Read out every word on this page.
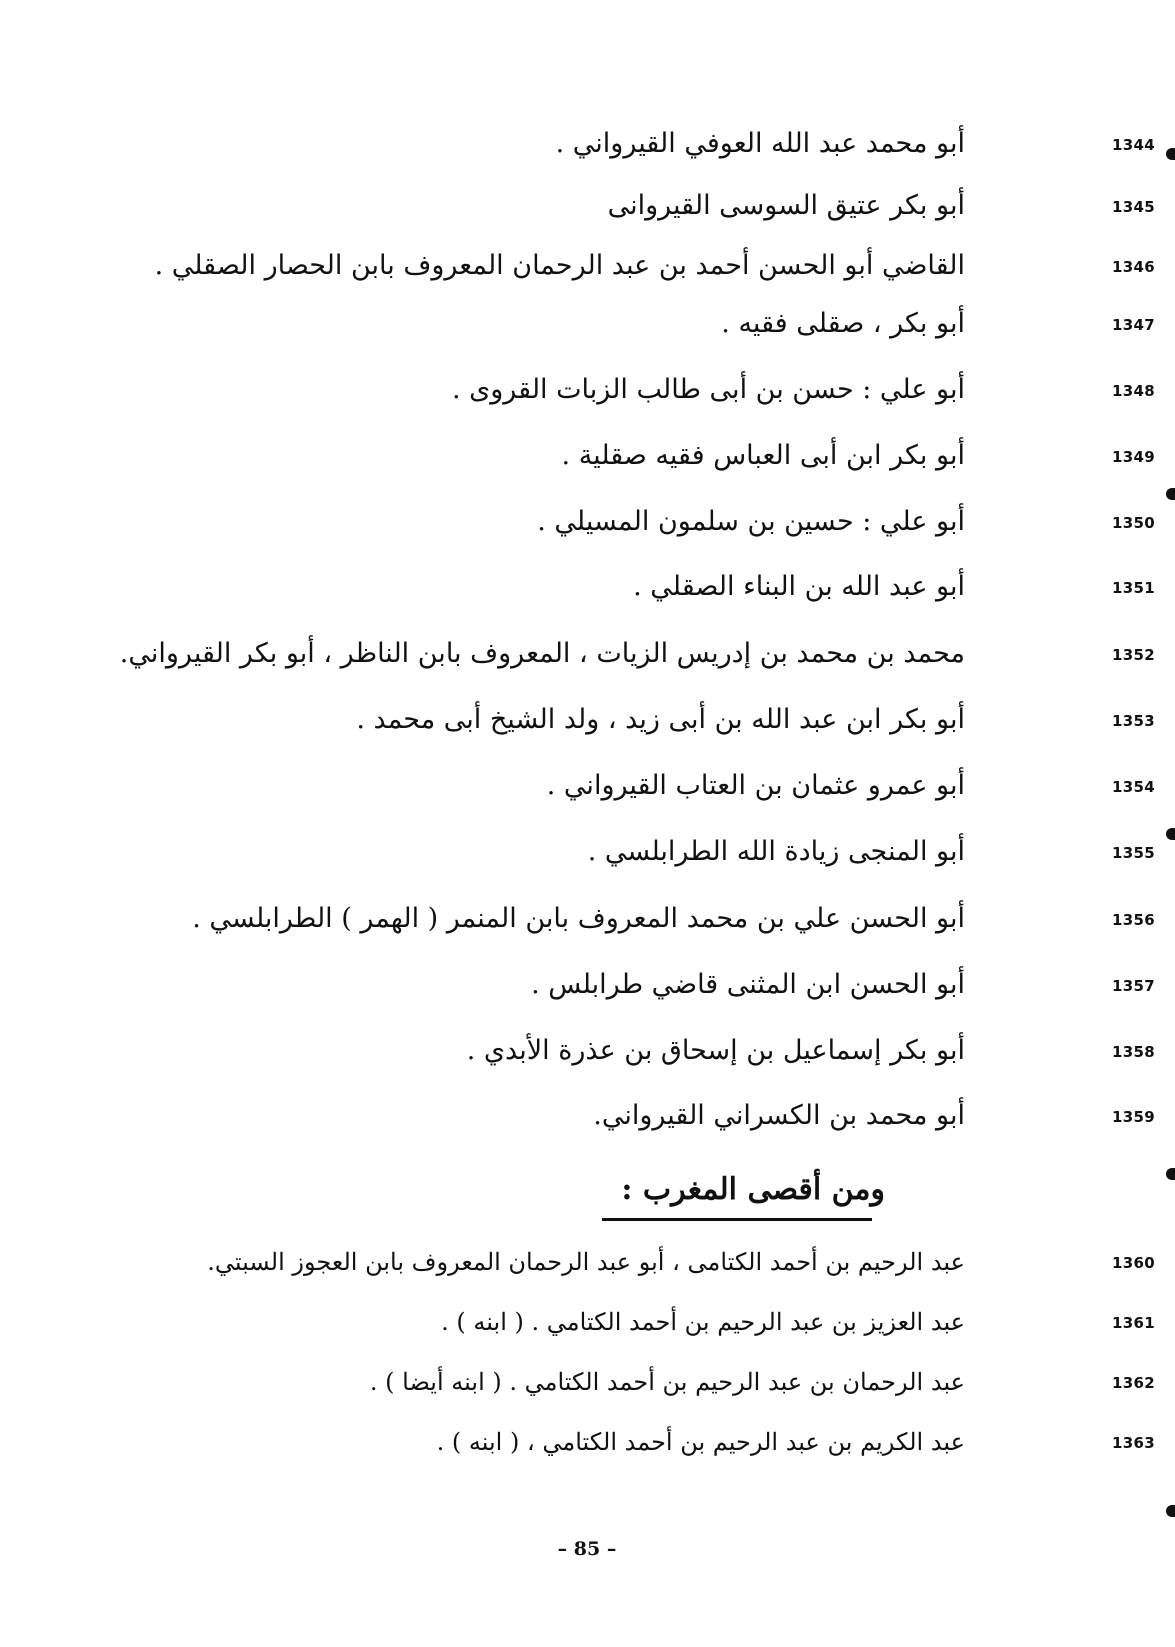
1344
أبو محمد عبد الله العوفي القيرواني .
1345
أبو بكر عتيق السوسى القيروانى
1346
القاضي أبو الحسن أحمد بن عبد الرحمان المعروف بابن الحصار الصقلي .
1347
أبو بكر ، صقلى فقيه .
1348
أبو علي : حسن بن أبى طالب الزبات القروى .
1349
أبو بكر ابن أبى العباس فقيه صقلية .
1350
أبو علي : حسين بن سلمون المسيلي .
1351
أبو عبد الله بن البناء الصقلي .
1352
محمد بن محمد بن إدريس الزيات ، المعروف بابن الناظر ، أبو بكر القيرواني.
1353
أبو بكر ابن عبد الله بن أبى زيد ، ولد الشيخ أبى محمد .
1354
أبو عمرو عثمان بن العتاب القيرواني .
1355
أبو المنجى زيادة الله الطرابلسي .
1356
أبو الحسن علي بن محمد المعروف بابن المنمر ( الهمر ) الطرابلسي .
1357
أبو الحسن ابن المثنى قاضي طرابلس .
1358
أبو بكر إسماعيل بن إسحاق بن عذرة الأبدي .
1359
أبو محمد بن الكسراني القيرواني.
1360
عبد الرحيم بن أحمد الكتامى ، أبو عبد الرحمان المعروف بابن العجوز السبتي.
1361
عبد العزيز بن عبد الرحيم بن أحمد الكتامي . ( ابنه ) .
1362
عبد الرحمان بن عبد الرحيم بن أحمد الكتامي . ( ابنه أيضا ) .
1363
عبد الكريم بن عبد الرحيم بن أحمد الكتامي ، ( ابنه ) .
ومن أقصى المغرب :
– 85 –
